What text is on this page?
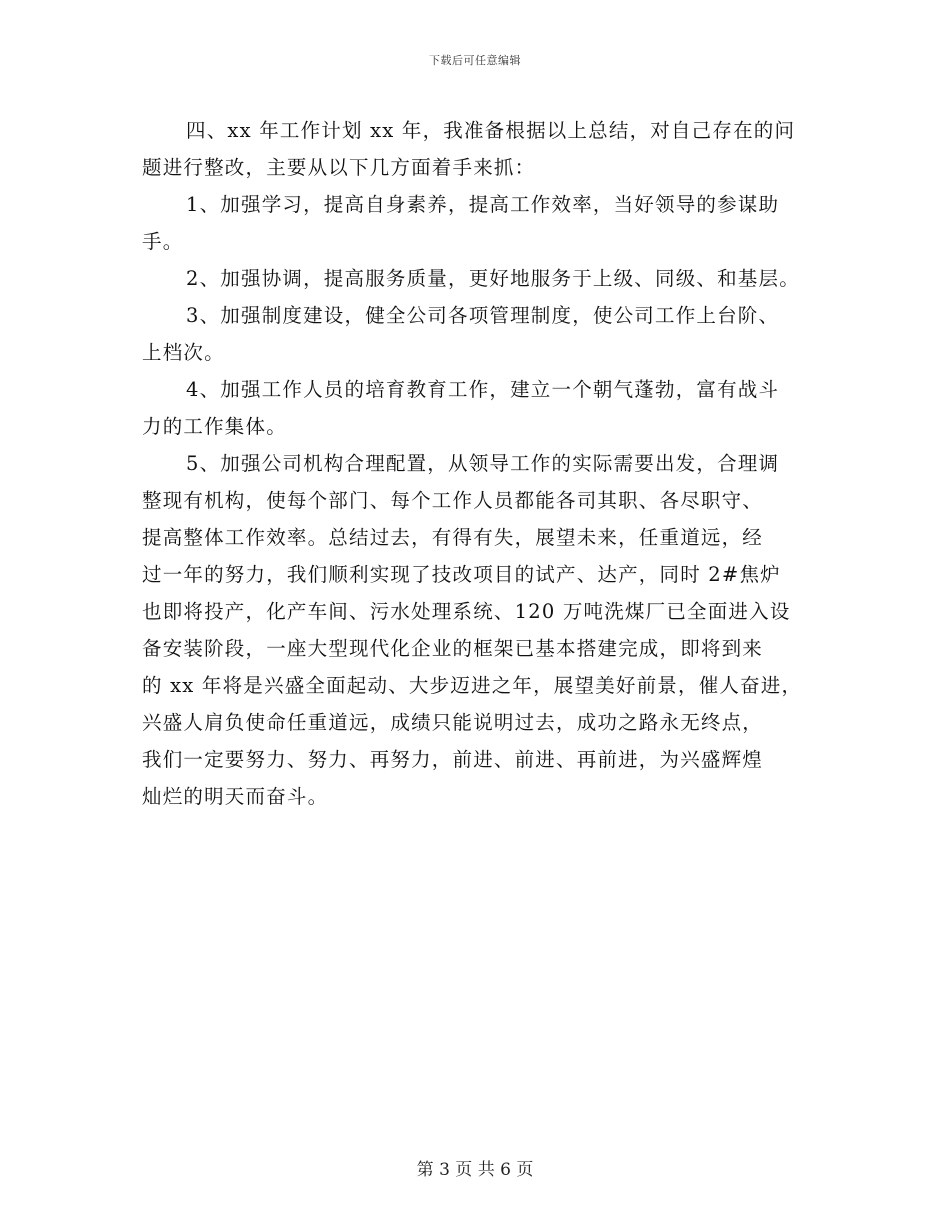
下载后可任意编辑
四、xx 年工作计划 xx 年，我准备根据以上总结，对自己存在的问
题进行整改，主要从以下几方面着手来抓：
1、加强学习，提高自身素养，提高工作效率，当好领导的参谋助
手。
2、加强协调，提高服务质量，更好地服务于上级、同级、和基层。
3、加强制度建设，健全公司各项管理制度，使公司工作上台阶、
上档次。
4、加强工作人员的培育教育工作，建立一个朝气蓬勃，富有战斗
力的工作集体。
5、加强公司机构合理配置，从领导工作的实际需要出发，合理调
整现有机构，使每个部门、每个工作人员都能各司其职、各尽职守、
提高整体工作效率。总结过去，有得有失，展望未来，任重道远，经
过一年的努力，我们顺利实现了技改项目的试产、达产，同时 2#焦炉
也即将投产，化产车间、污水处理系统、120 万吨洗煤厂已全面进入设
备安装阶段，一座大型现代化企业的框架已基本搭建完成，即将到来
的 xx 年将是兴盛全面起动、大步迈进之年，展望美好前景，催人奋进，
兴盛人肩负使命任重道远，成绩只能说明过去，成功之路永无终点，
我们一定要努力、努力、再努力，前进、前进、再前进，为兴盛辉煌
灿烂的明天而奋斗。
第 3 页 共 6 页
